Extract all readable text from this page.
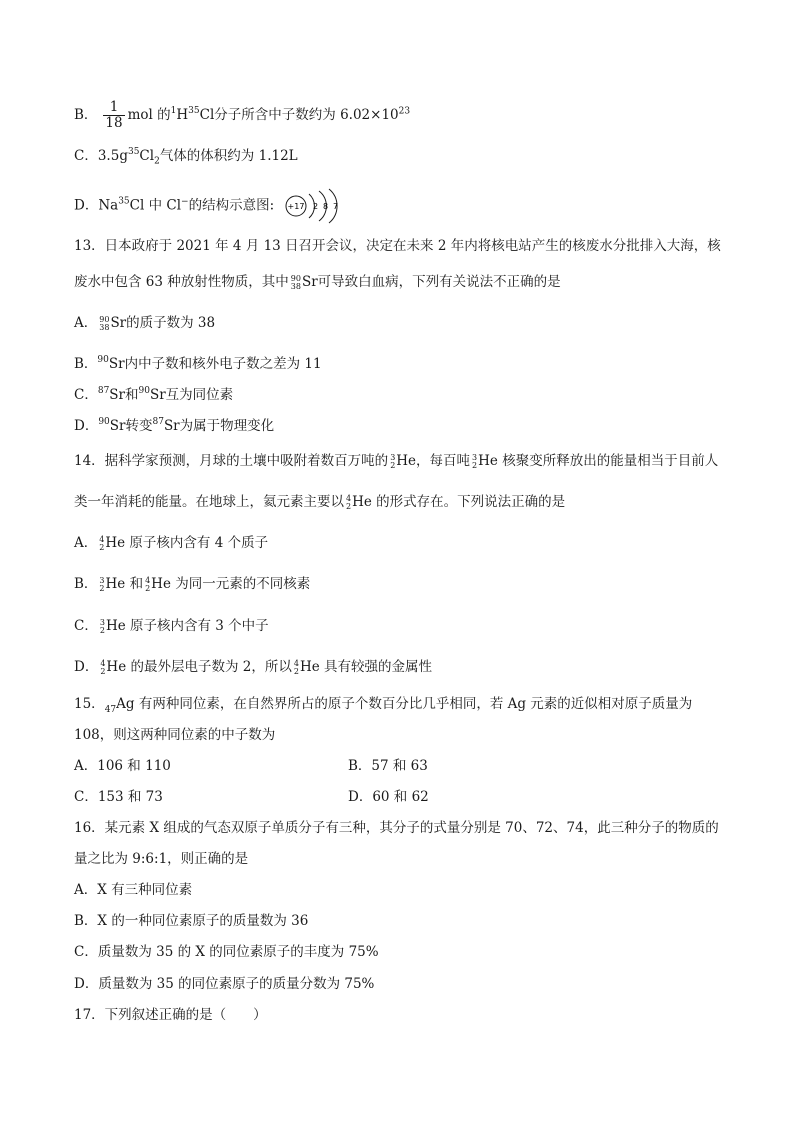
B． $\frac{1}{18}$ mol 的$^1H^{35}Cl$分子所含中子数约为 $6.02\times 10^{23}$
C．$3.5g^{35}Cl_2$气体的体积约为 1.12L
D．Na$^{35}$Cl 中 Cl−的结构示意图: +17 2 8 7
13．日本政府于 2021 年 4 月 13 日召开会议，决定在未来 2 年内将核电站产生的核废水分批排入大海，核
废水中包含 63 种放射性物质，其中 90
38 Sr可导致白血病，下列有关说法不正确的是
A． 90
38 Sr的质子数为 38
B．$^{90}$Sr内中子数和核外电子数之差为 11
C．$^{87}$Sr和$^{90}$Sr互为同位素
D．$^{90}$Sr转变$^{87}$Sr为属于物理变化
14．据科学家预测，月球的土壤中吸附着数百万吨的 3
2 He，每百吨 3
2 He 核聚变所释放出的能量相当于目前人
类一年消耗的能量。在地球上，氦元素主要以 4
2 He 的形式存在。下列说法正确的是
A． 4
2 He 原子核内含有 4 个质子
B． 3
2 He 和 4
2 He 为同一元素的不同核素
C． 3
2 He 原子核内含有 3 个中子
D． 4
2 He 的最外层电子数为 2，所以 4
2 He 具有较强的金属性
15．$_{47}$Ag 有两种同位素，在自然界所占的原子个数百分比几乎相同，若 Ag 元素的近似相对原子质量为
108，则这两种同位素的中子数为
A．106 和 110	B．57 和 63
C．153 和 73	D．60 和 62
16．某元素 X 组成的气态双原子单质分子有三种，其分子的式量分别是 70、72、74，此三种分子的物质的
量之比为 9:6:1，则正确的是
A．X 有三种同位素
B．X 的一种同位素原子的质量数为 36
C．质量数为 35 的 X 的同位素原子的丰度为 75%
D．质量数为 35 的同位素原子的质量分数为 75%
17．下列叙述正确的是（　　）
